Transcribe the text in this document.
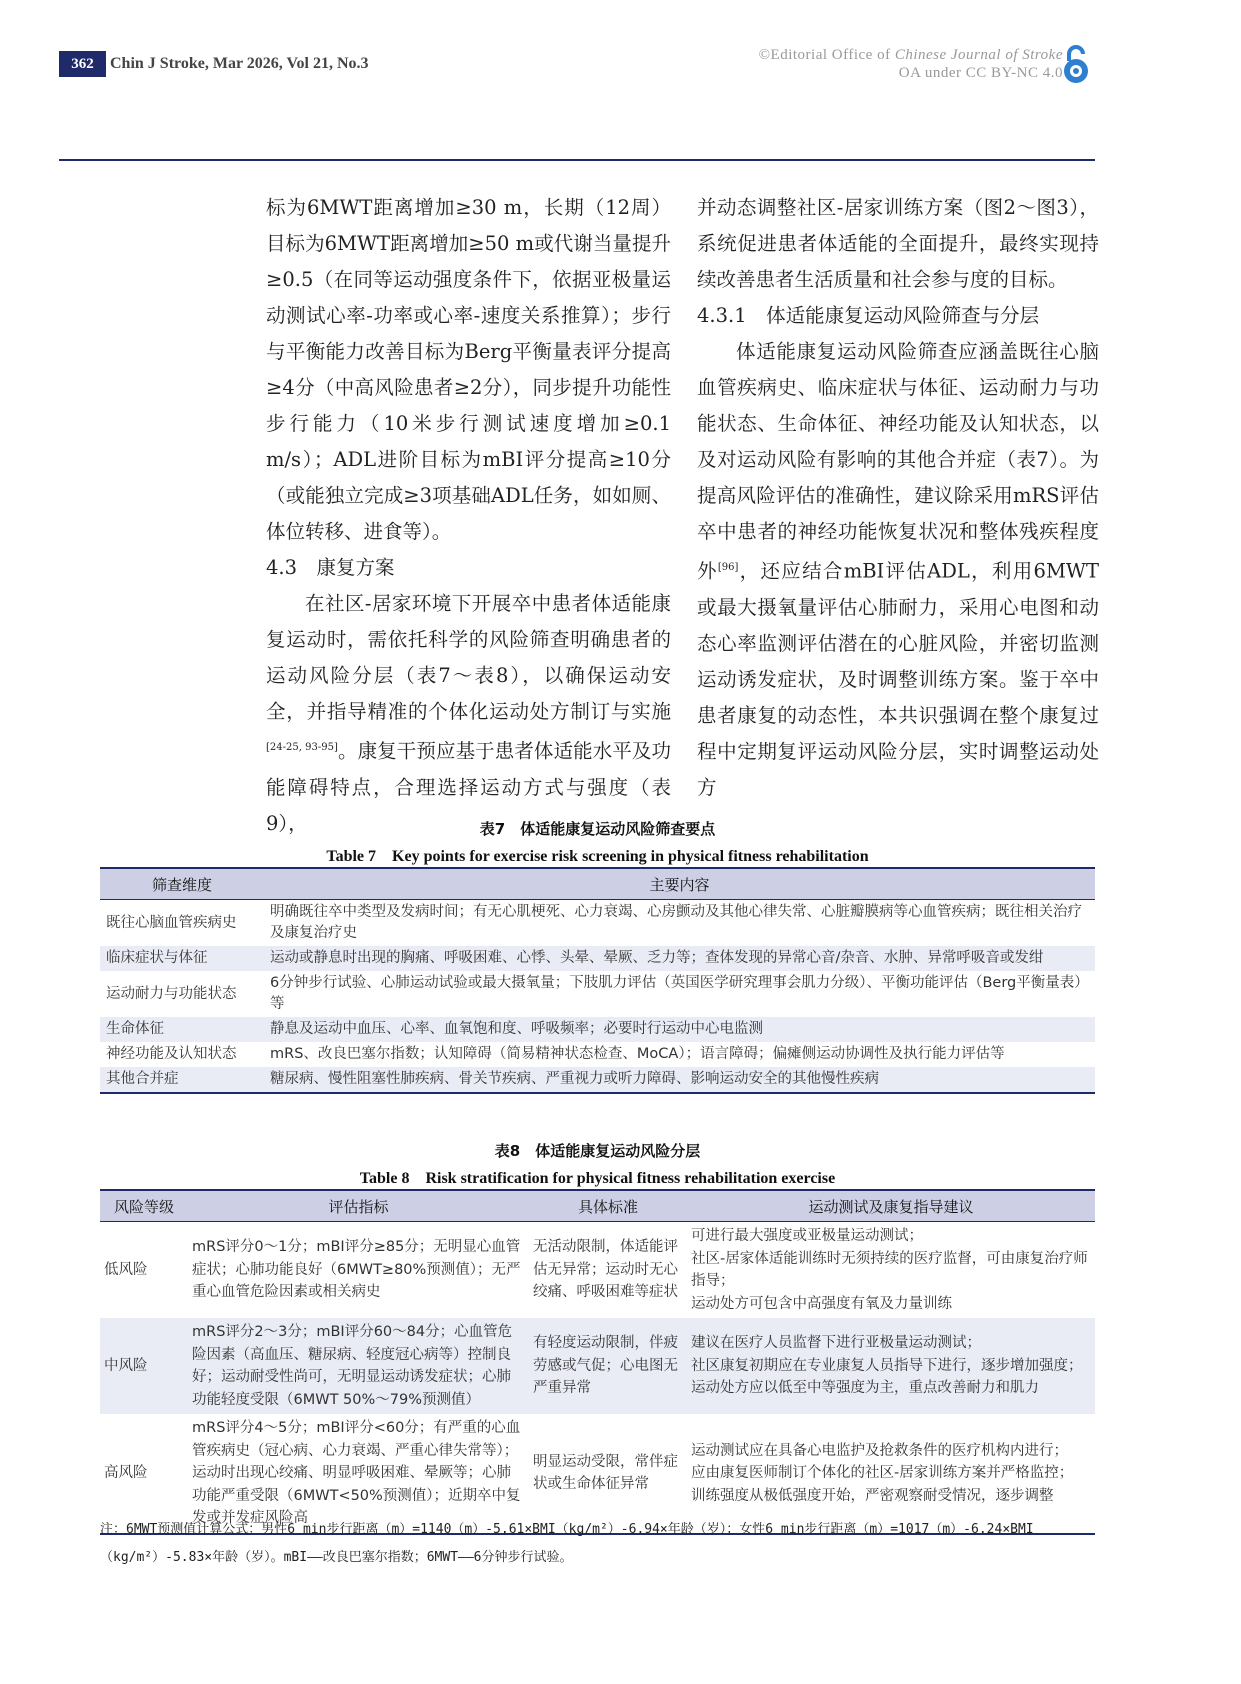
362	Chin J Stroke, Mar 2026, Vol 21, No.3	©Editorial Office of Chinese Journal of Stroke
OA under CC BY-NC 4.0

标为6MWT距离增加≥30 m，长期（12周）目标为6MWT距离增加≥50 m或代谢当量提升≥0.5（在同等运动强度条件下，依据亚极量运动测试心率-功率或心率-速度关系推算）；步行与平衡能力改善目标为Berg平衡量表评分提高≥4分（中高风险患者≥2分），同步提升功能性步行能力（10米步行测试速度增加≥0.1 m/s）；ADL进阶目标为mBI评分提高≥10分（或能独立完成≥3项基础ADL任务，如如厕、体位转移、进食等）。

4.3　康复方案

在社区-居家环境下开展卒中患者体适能康复运动时，需依托科学的风险筛查明确患者的运动风险分层（表7～表8），以确保运动安全，并指导精准的个体化运动处方制订与实施[24-25, 93-95]。康复干预应基于患者体适能水平及功能障碍特点，合理选择运动方式与强度（表9），

并动态调整社区-居家训练方案（图2～图3），系统促进患者体适能的全面提升，最终实现持续改善患者生活质量和社会参与度的目标。

4.3.1　体适能康复运动风险筛查与分层

体适能康复运动风险筛查应涵盖既往心脑血管疾病史、临床症状与体征、运动耐力与功能状态、生命体征、神经功能及认知状态，以及对运动风险有影响的其他合并症（表7）。为提高风险评估的准确性，建议除采用mRS评估卒中患者的神经功能恢复状况和整体残疾程度外[96]，还应结合mBI评估ADL，利用6MWT或最大摄氧量评估心肺耐力，采用心电图和动态心率监测评估潜在的心脏风险，并密切监测运动诱发症状，及时调整训练方案。鉴于卒中患者康复的动态性，本共识强调在整个康复过程中定期复评运动风险分层，实时调整运动处方

表7　体适能康复运动风险筛查要点
Table 7　Key points for exercise risk screening in physical fitness rehabilitation
筛查维度	主要内容
既往心脑血管疾病史	明确既往卒中类型及发病时间；有无心肌梗死、心力衰竭、心房颤动及其他心律失常、心脏瓣膜病等心血管疾病；既往相关治疗及康复治疗史
临床症状与体征	运动或静息时出现的胸痛、呼吸困难、心悸、头晕、晕厥、乏力等；查体发现的异常心音/杂音、水肿、异常呼吸音或发绀
运动耐力与功能状态	6分钟步行试验、心肺运动试验或最大摄氧量；下肢肌力评估（英国医学研究理事会肌力分级）、平衡功能评估（Berg平衡量表）等
生命体征	静息及运动中血压、心率、血氧饱和度、呼吸频率；必要时行运动中心电监测
神经功能及认知状态	mRS、改良巴塞尔指数；认知障碍（简易精神状态检查、MoCA）；语言障碍；偏瘫侧运动协调性及执行能力评估等
其他合并症	糖尿病、慢性阻塞性肺疾病、骨关节疾病、严重视力或听力障碍、影响运动安全的其他慢性疾病
表8　体适能康复运动风险分层
Table 8　Risk stratification for physical fitness rehabilitation exercise
风险等级	评估指标	具体标准	运动测试及康复指导建议
低风险	mRS评分0～1分；mBI评分≥85分；无明显心血管症状；心肺功能良好（6MWT≥80%预测值）；无严重心血管危险因素或相关病史	无活动限制，体适能评估无异常；运动时无心绞痛、呼吸困难等症状	可进行最大强度或亚极量运动测试；
社区-居家体适能训练时无须持续的医疗监督，可由康复治疗师指导；
运动处方可包含中高强度有氧及力量训练

中风险	mRS评分2～3分；mBI评分60～84分；心血管危险因素（高血压、糖尿病、轻度冠心病等）控制良好；运动耐受性尚可，无明显运动诱发症状；心肺功能轻度受限（6MWT 50%～79%预测值）	有轻度运动限制，伴疲劳感或气促；心电图无严重异常	建议在医疗人员监督下进行亚极量运动测试；
社区康复初期应在专业康复人员指导下进行，逐步增加强度；
运动处方应以低至中等强度为主，重点改善耐力和肌力

高风险	mRS评分4～5分；mBI评分<60分；有严重的心血管疾病史（冠心病、心力衰竭、严重心律失常等）；运动时出现心绞痛、明显呼吸困难、晕厥等；心肺功能严重受限（6MWT<50%预测值）；近期卒中复发或并发症风险高	明显运动受限，常伴症状或生命体征异常	运动测试应在具备心电监护及抢救条件的医疗机构内进行；
应由康复医师制订个体化的社区-居家训练方案并严格监控；
训练强度从极低强度开始，严密观察耐受情况，逐步调整
注：6MWT预测值计算公式：男性6 min步行距离（m）=1140（m）-5.61×BMI（kg/m²）-6.94×年龄（岁）；女性6 min步行距离（m）=1017（m）-6.24×BMI（kg/m²）-5.83×年龄（岁）。mBI——改良巴塞尔指数；6MWT——6分钟步行试验。
